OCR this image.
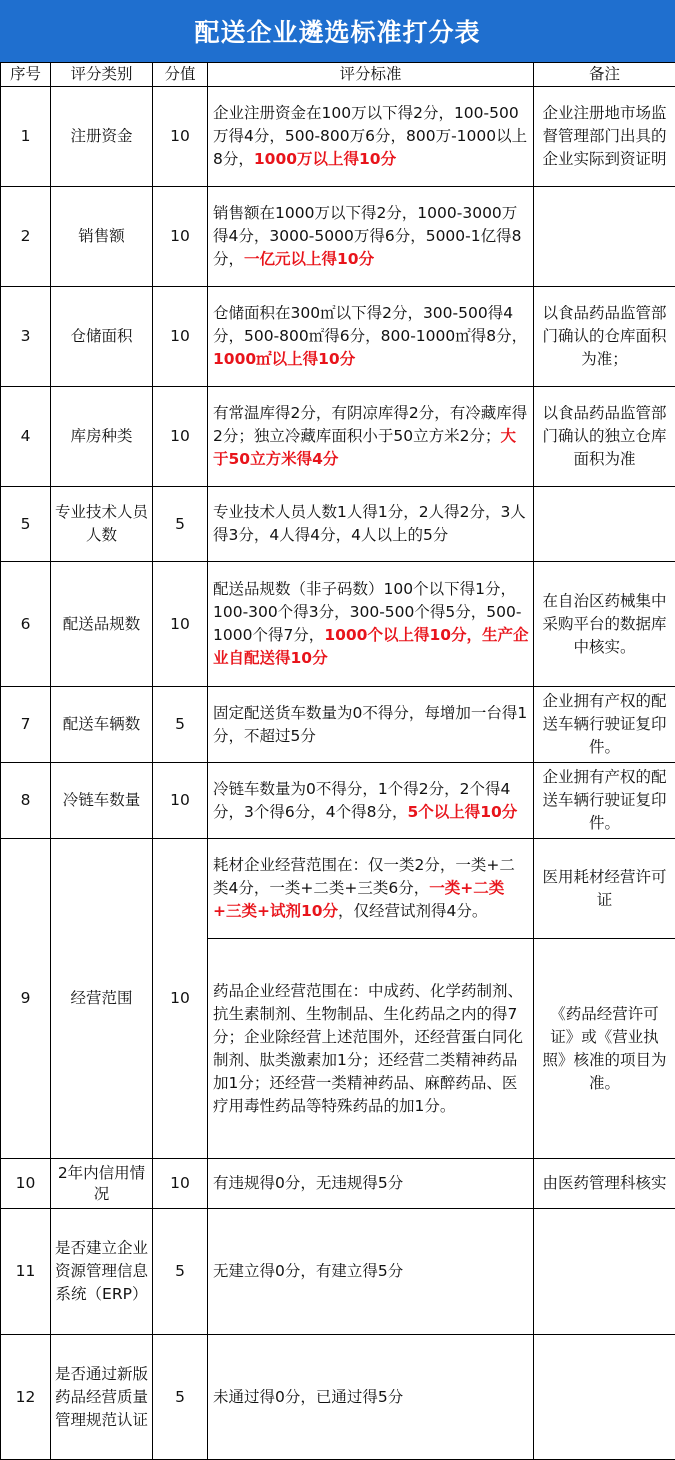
配送企业遴选标准打分表
序号	评分类别	分值	评分标准	备注
1	注册资金	10	企业注册资金在100万以下得2分，100-500万得4分，500-800万6分，800万-1000以上8分，1000万以上得10分	企业注册地市场监督管理部门出具的企业实际到资证明
2	销售额	10	销售额在1000万以下得2分，1000-3000万得4分，3000-5000万得6分，5000-1亿得8分，一亿元以上得10分	
3	仓储面积	10	仓储面积在300㎡以下得2分，300-500得4分，500-800㎡得6分，800-1000㎡得8分，1000㎡以上得10分	以食品药品监管部门确认的仓库面积为准；
4	库房种类	10	有常温库得2分，有阴凉库得2分，有冷藏库得2分；独立冷藏库面积小于50立方米2分；大于50立方米得4分	以食品药品监管部门确认的独立仓库面积为准
5	专业技术人员人数	5	专业技术人员人数1人得1分，2人得2分，3人得3分，4人得4分，4人以上的5分	
6	配送品规数	10	配送品规数（非子码数）100个以下得1分，100-300个得3分，300-500个得5分，500-1000个得7分，1000个以上得10分，生产企业自配送得10分	在自治区药械集中采购平台的数据库中核实。
7	配送车辆数	5	固定配送货车数量为0不得分，每增加一台得1分，不超过5分	企业拥有产权的配送车辆行驶证复印件。
8	冷链车数量	10	冷链车数量为0不得分，1个得2分，2个得4分，3个得6分，4个得8分，5个以上得10分	企业拥有产权的配送车辆行驶证复印件。
9	经营范围	10	耗材企业经营范围在：仅一类2分，一类+二类4分，一类+二类+三类6分，一类+二类+三类+试剂10分，仅经营试剂得4分。	医用耗材经营许可证
			药品企业经营范围在：中成药、化学药制剂、抗生素制剂、生物制品、生化药品之内的得7分；企业除经营上述范围外，还经营蛋白同化制剂、肽类激素加1分；还经营二类精神药品加1分；还经营一类精神药品、麻醉药品、医疗用毒性药品等特殊药品的加1分。	《药品经营许可证》或《营业执照》核准的项目为准。
10	2年内信用情况	10	有违规得0分，无违规得5分	由医药管理科核实
11	是否建立企业资源管理信息系统（ERP）	5	无建立得0分，有建立得5分	
12	是否通过新版药品经营质量管理规范认证	5	未通过得0分，已通过得5分	
